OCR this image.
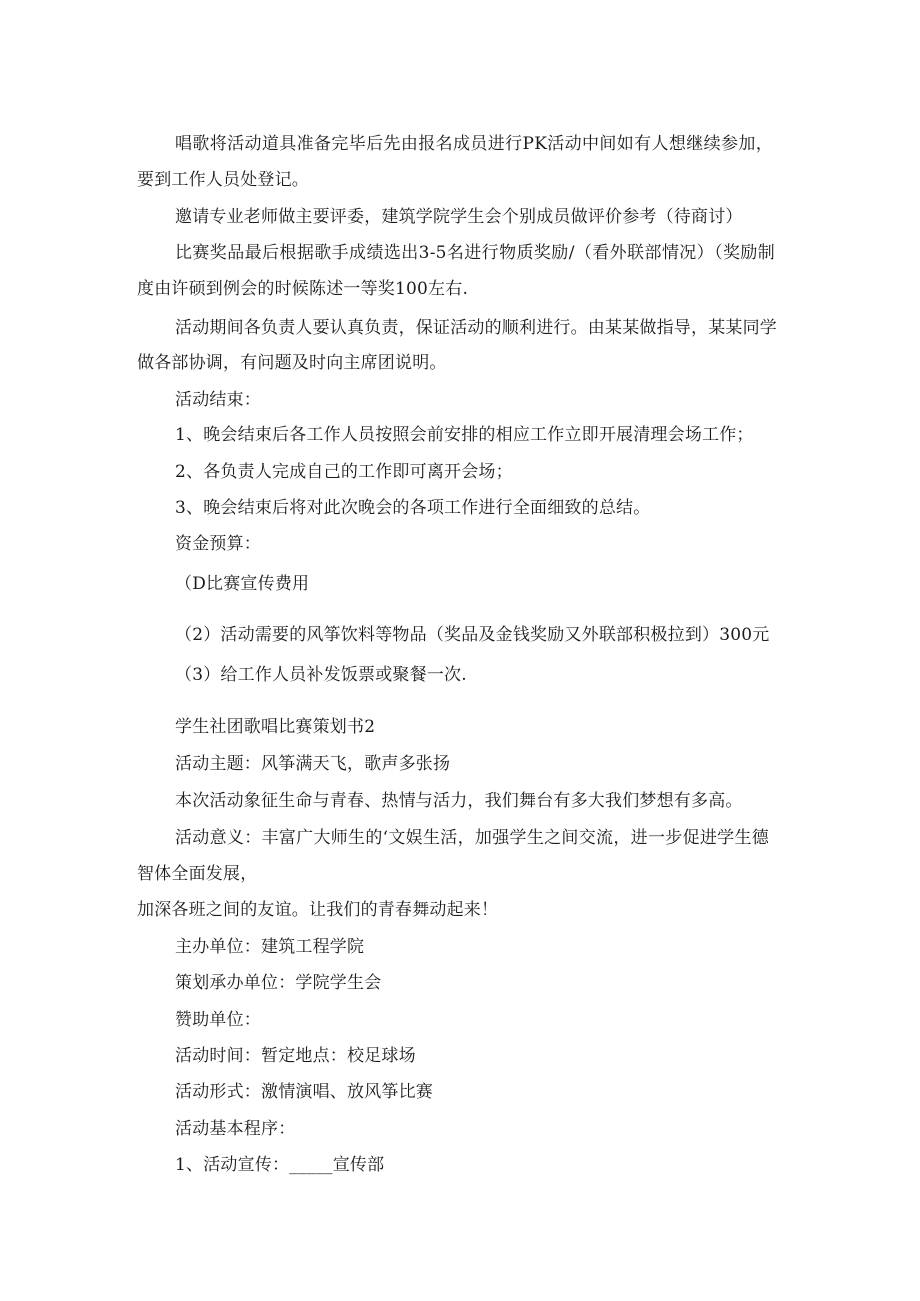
唱歌将活动道具准备完毕后先由报名成员进行PK活动中间如有人想继续参加，
要到工作人员处登记。
邀请专业老师做主要评委，建筑学院学生会个别成员做评价参考（待商讨）
比赛奖品最后根据歌手成绩选出3-5名进行物质奖励/（看外联部情况）（奖励制
度由许硕到例会的时候陈述一等奖100左右.
活动期间各负责人要认真负责，保证活动的顺利进行。由某某做指导，某某同学
做各部协调，有问题及时向主席团说明。
活动结束：
1、晚会结束后各工作人员按照会前安排的相应工作立即开展清理会场工作；
2、各负责人完成自己的工作即可离开会场；
3、晚会结束后将对此次晚会的各项工作进行全面细致的总结。
资金预算：
（D比赛宣传费用
（2）活动需要的风筝饮料等物品（奖品及金钱奖励又外联部积极拉到）300元
（3）给工作人员补发饭票或聚餐一次.
学生社团歌唱比赛策划书2
活动主题：风筝满天飞，歌声多张扬
本次活动象征生命与青春、热情与活力，我们舞台有多大我们梦想有多高。
活动意义：丰富广大师生的‘文娱生活，加强学生之间交流，进一步促进学生德
智体全面发展，
加深各班之间的友谊。让我们的青春舞动起来！
主办单位：建筑工程学院
策划承办单位：学院学生会
赞助单位：
活动时间：暂定地点：校足球场
活动形式：激情演唱、放风筝比赛
活动基本程序：
1、活动宣传：_____宣传部
